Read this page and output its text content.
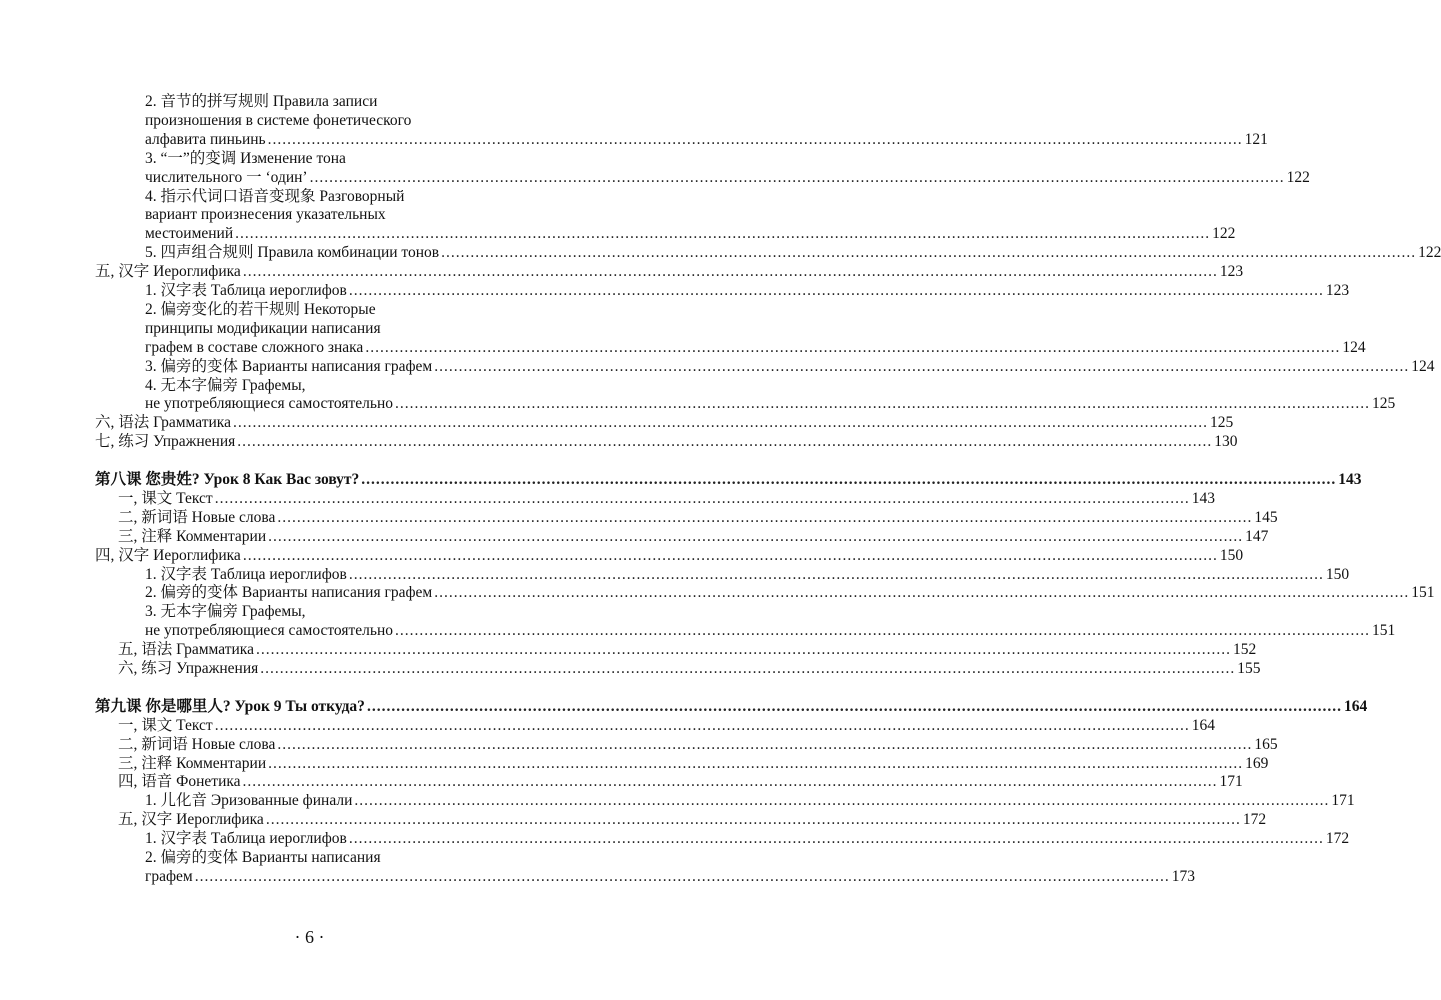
2. 音节的拼写规则 Правила записи
произношения в системе фонетического
алфавита пиньинь ........................................................................................................................................................................................................ 121
3. “一”的变调 Изменение тона
числительного 一 ‘один’ ........................................................................................................................................................................................................ 122
4. 指示代词口语音变现象 Разговорный
вариант произнесения указательных
местоимений ........................................................................................................................................................................................................ 122
5. 四声组合规则 Правила комбинации тонов ........................................................................................................................................................................................................ 122
五, 汉字 Иероглифика ........................................................................................................................................................................................................ 123
1. 汉字表 Таблица иероглифов ........................................................................................................................................................................................................ 123
2. 偏旁变化的若干规则 Некоторые
принципы модификации написания
графем в составе сложного знака ........................................................................................................................................................................................................ 124
3. 偏旁的变体 Варианты написания графем ........................................................................................................................................................................................................ 124
4. 无本字偏旁 Графемы,
не употребляющиеся самостоятельно ........................................................................................................................................................................................................ 125
六, 语法 Грамматика ........................................................................................................................................................................................................ 125
七, 练习 Упражнения ........................................................................................................................................................................................................ 130
第八课 您贵姓? Урок 8 Как Вас зовут? ........................................................................................................................................................................................................ 143
一, 课文 Текст ........................................................................................................................................................................................................ 143
二, 新词语 Новые слова ........................................................................................................................................................................................................ 145
三, 注释 Комментарии ........................................................................................................................................................................................................ 147
四, 汉字 Иероглифика ........................................................................................................................................................................................................ 150
1. 汉字表 Таблица иероглифов ........................................................................................................................................................................................................ 150
2. 偏旁的变体 Варианты написания графем ........................................................................................................................................................................................................ 151
3. 无本字偏旁 Графемы,
не употребляющиеся самостоятельно ........................................................................................................................................................................................................ 151
五, 语法 Грамматика ........................................................................................................................................................................................................ 152
六, 练习 Упражнения ........................................................................................................................................................................................................ 155
第九课 你是哪里人? Урок 9 Ты откуда? ........................................................................................................................................................................................................ 164
一, 课文 Текст ........................................................................................................................................................................................................ 164
二, 新词语 Новые слова ........................................................................................................................................................................................................ 165
三, 注释 Комментарии ........................................................................................................................................................................................................ 169
四, 语音 Фонетика ........................................................................................................................................................................................................ 171
1. 儿化音 Эризованные финали ........................................................................................................................................................................................................ 171
五, 汉字 Иероглифика ........................................................................................................................................................................................................ 172
1. 汉字表 Таблица иероглифов ........................................................................................................................................................................................................ 172
2. 偏旁的变体 Варианты написания
графем ........................................................................................................................................................................................................ 173
· 6 ·
